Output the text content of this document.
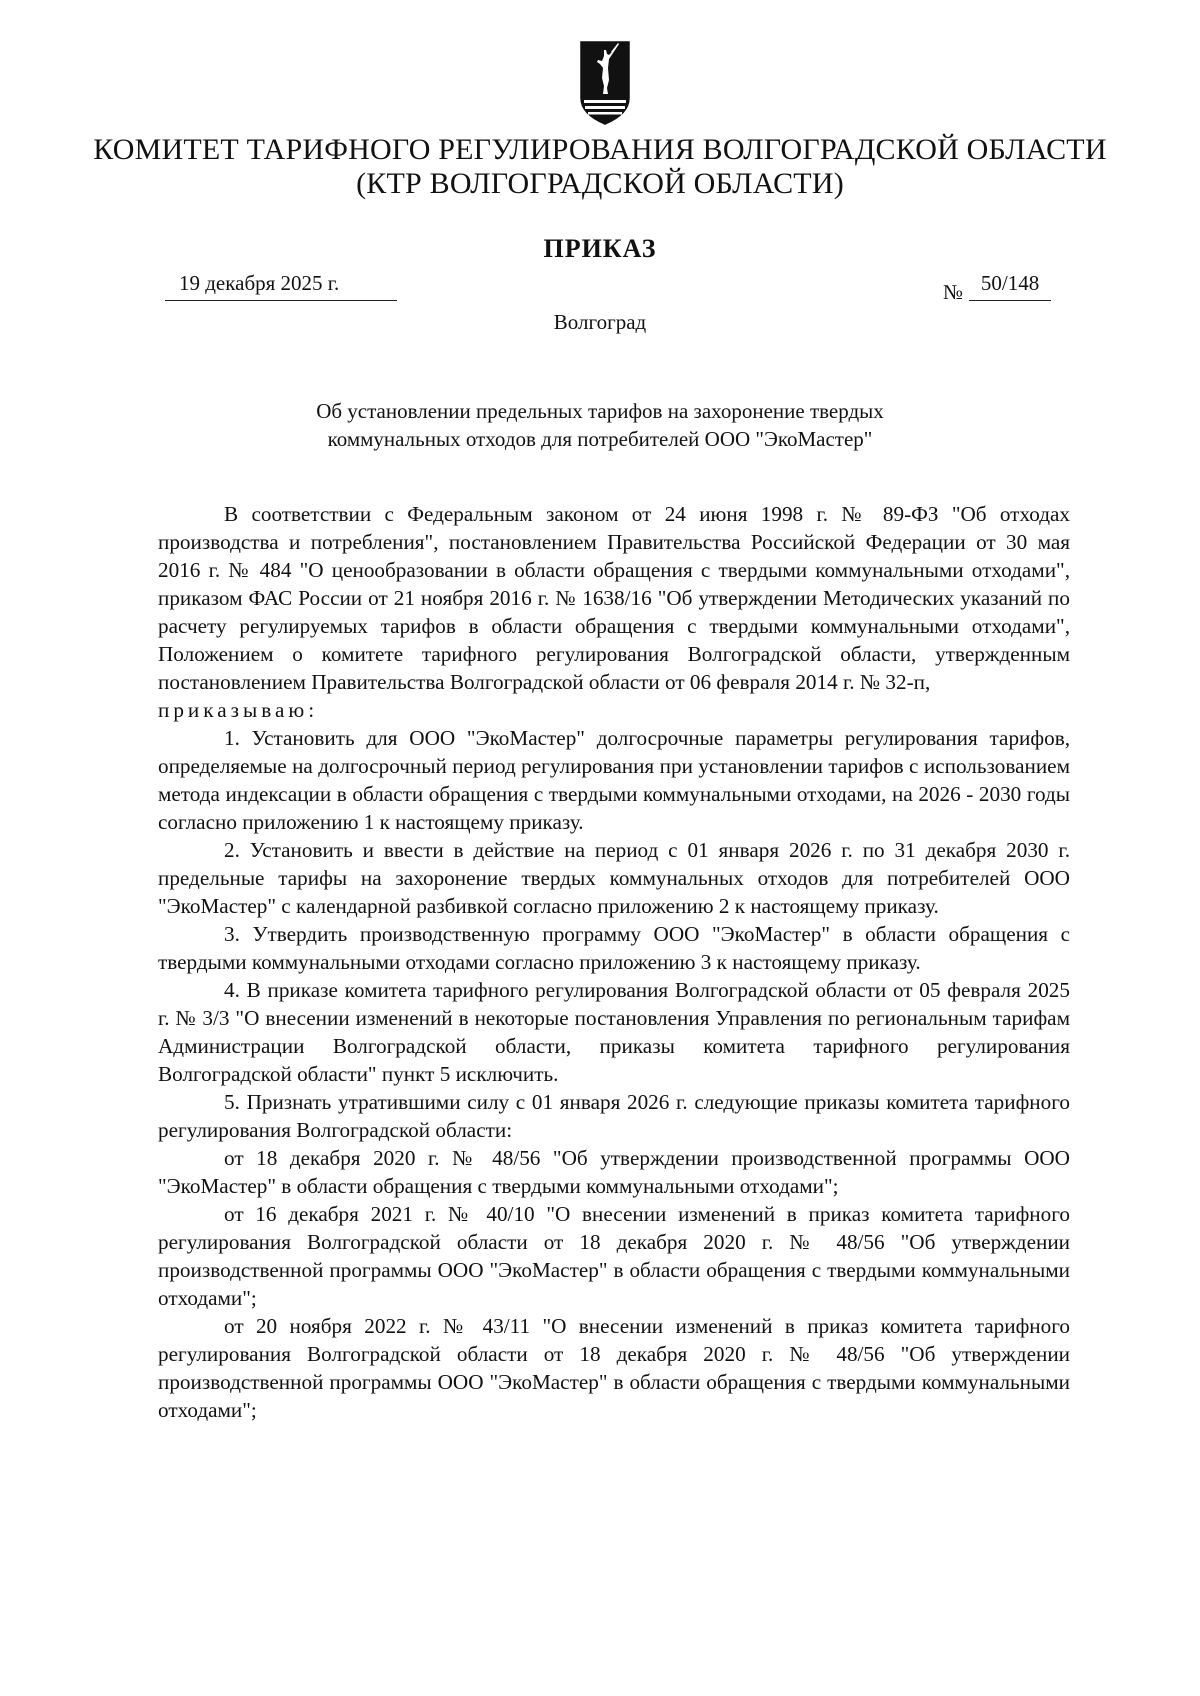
КОМИТЕТ ТАРИФНОГО РЕГУЛИРОВАНИЯ ВОЛГОГРАДСКОЙ ОБЛАСТИ
(КТР ВОЛГОГРАДСКОЙ ОБЛАСТИ)
ПРИКАЗ
19 декабря 2025 г.	№ 50/148
Волгоград
Об установлении предельных тарифов на захоронение твердых
коммунальных отходов для потребителей ООО "ЭкоМастер"

В соответствии с Федеральным законом от 24 июня 1998 г. № 89-ФЗ "Об отходах производства и потребления", постановлением Правительства Российской Федерации от 30 мая 2016 г. № 484 "О ценообразовании в области обращения с твердыми коммунальными отходами", приказом ФАС России от 21 ноября 2016 г. № 1638/16 "Об утверждении Методических указаний по расчету регулируемых тарифов в области обращения с твердыми коммунальными отходами", Положением о комитете тарифного регулирования Волгоградской области, утвержденным постановлением Правительства Волгоградской области от 06 февраля 2014 г. № 32-п,

приказываю:

1. Установить для ООО "ЭкоМастер" долгосрочные параметры регулирования тарифов, определяемые на долгосрочный период регулирования при установлении тарифов с использованием метода индексации в области обращения с твердыми коммунальными отходами, на 2026 - 2030 годы согласно приложению 1 к настоящему приказу.

2. Установить и ввести в действие на период с 01 января 2026 г. по 31 декабря 2030 г. предельные тарифы на захоронение твердых коммунальных отходов для потребителей ООО "ЭкоМастер" с календарной разбивкой согласно приложению 2 к настоящему приказу.

3. Утвердить производственную программу ООО "ЭкоМастер" в области обращения с твердыми коммунальными отходами согласно приложению 3 к настоящему приказу.

4. В приказе комитета тарифного регулирования Волгоградской области от 05 февраля 2025 г. № 3/3 "О внесении изменений в некоторые постановления Управления по региональным тарифам Администрации Волгоградской области, приказы комитета тарифного регулирования Волгоградской области" пункт 5 исключить.

5. Признать утратившими силу с 01 января 2026 г. следующие приказы комитета тарифного регулирования Волгоградской области:

от 18 декабря 2020 г. № 48/56 "Об утверждении производственной программы ООО "ЭкоМастер" в области обращения с твердыми коммунальными отходами";

от 16 декабря 2021 г. № 40/10 "О внесении изменений в приказ комитета тарифного регулирования Волгоградской области от 18 декабря 2020 г. № 48/56 "Об утверждении производственной программы ООО "ЭкоМастер" в области обращения с твердыми коммунальными отходами";

от 20 ноября 2022 г. № 43/11 "О внесении изменений в приказ комитета тарифного регулирования Волгоградской области от 18 декабря 2020 г. № 48/56 "Об утверждении производственной программы ООО "ЭкоМастер" в области обращения с твердыми коммунальными отходами";
